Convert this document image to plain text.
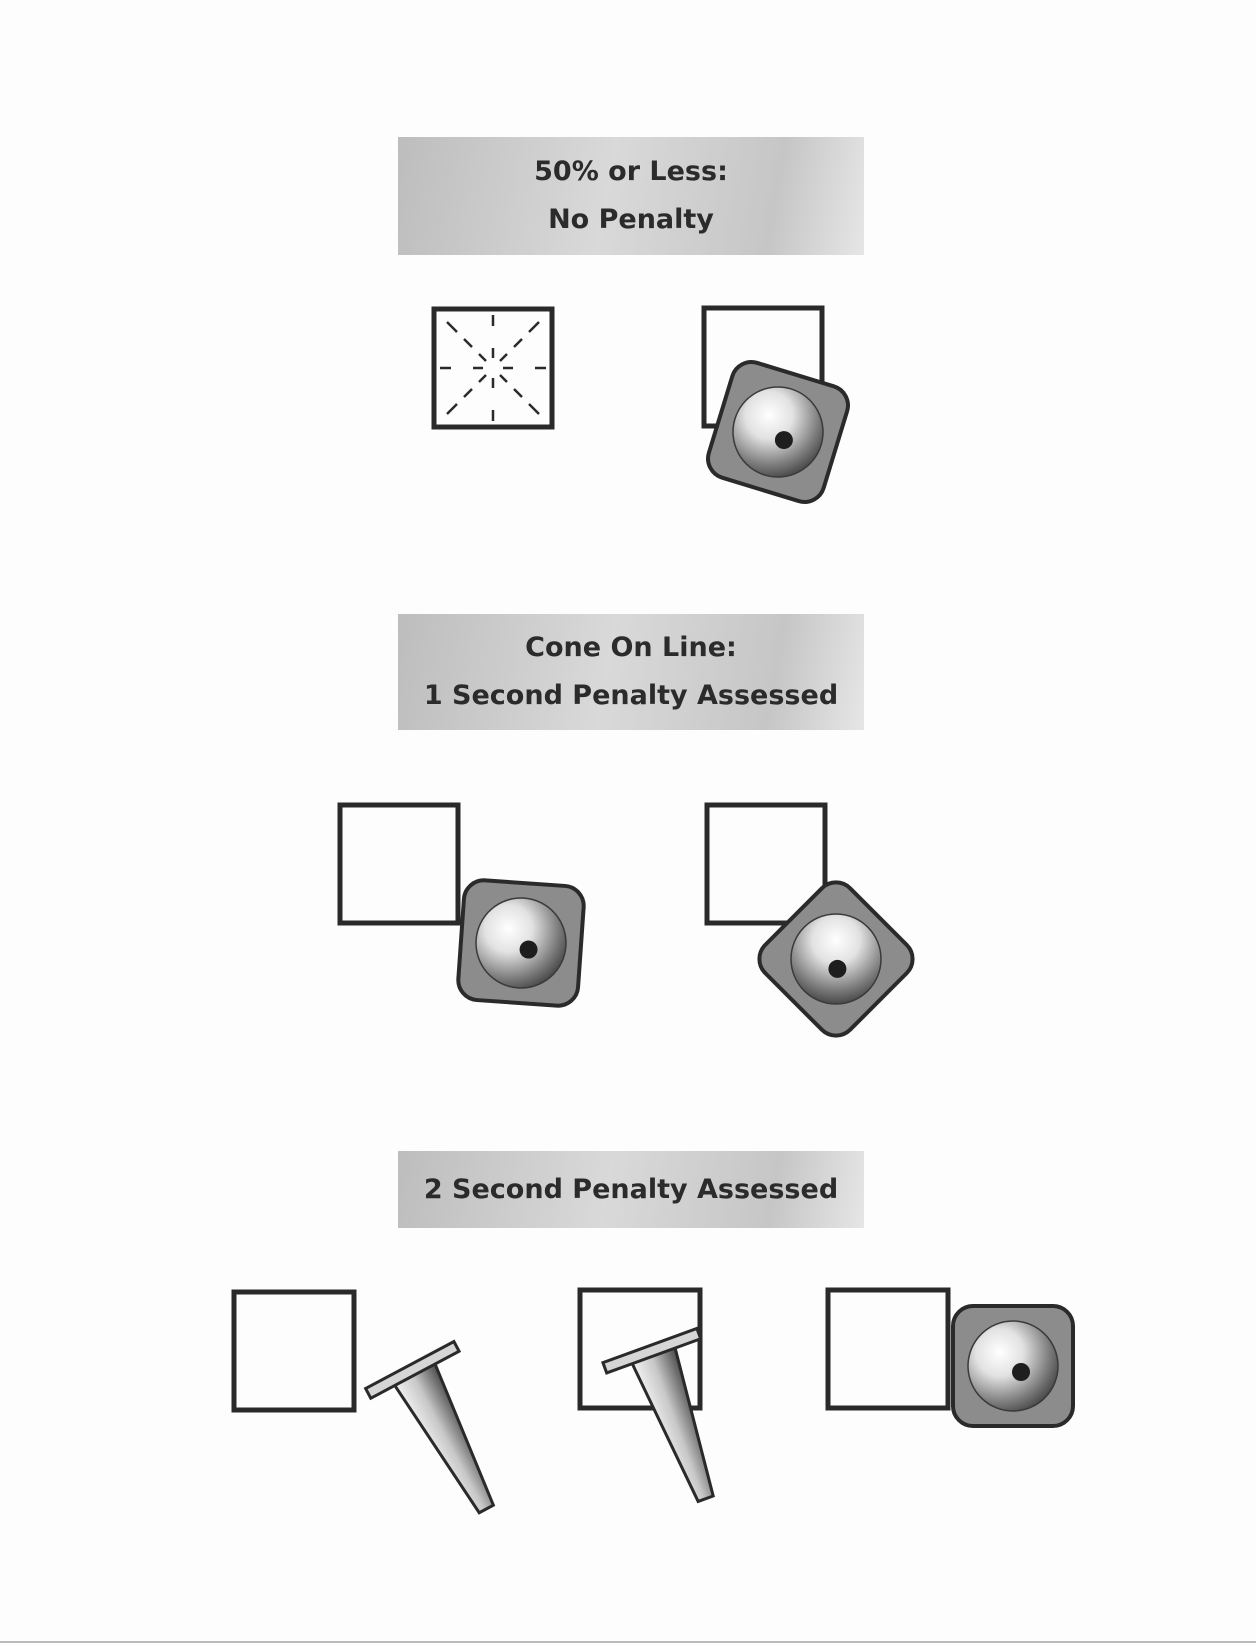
50% or Less:
No Penalty
Cone On Line:
1 Second Penalty Assessed
2 Second Penalty Assessed
